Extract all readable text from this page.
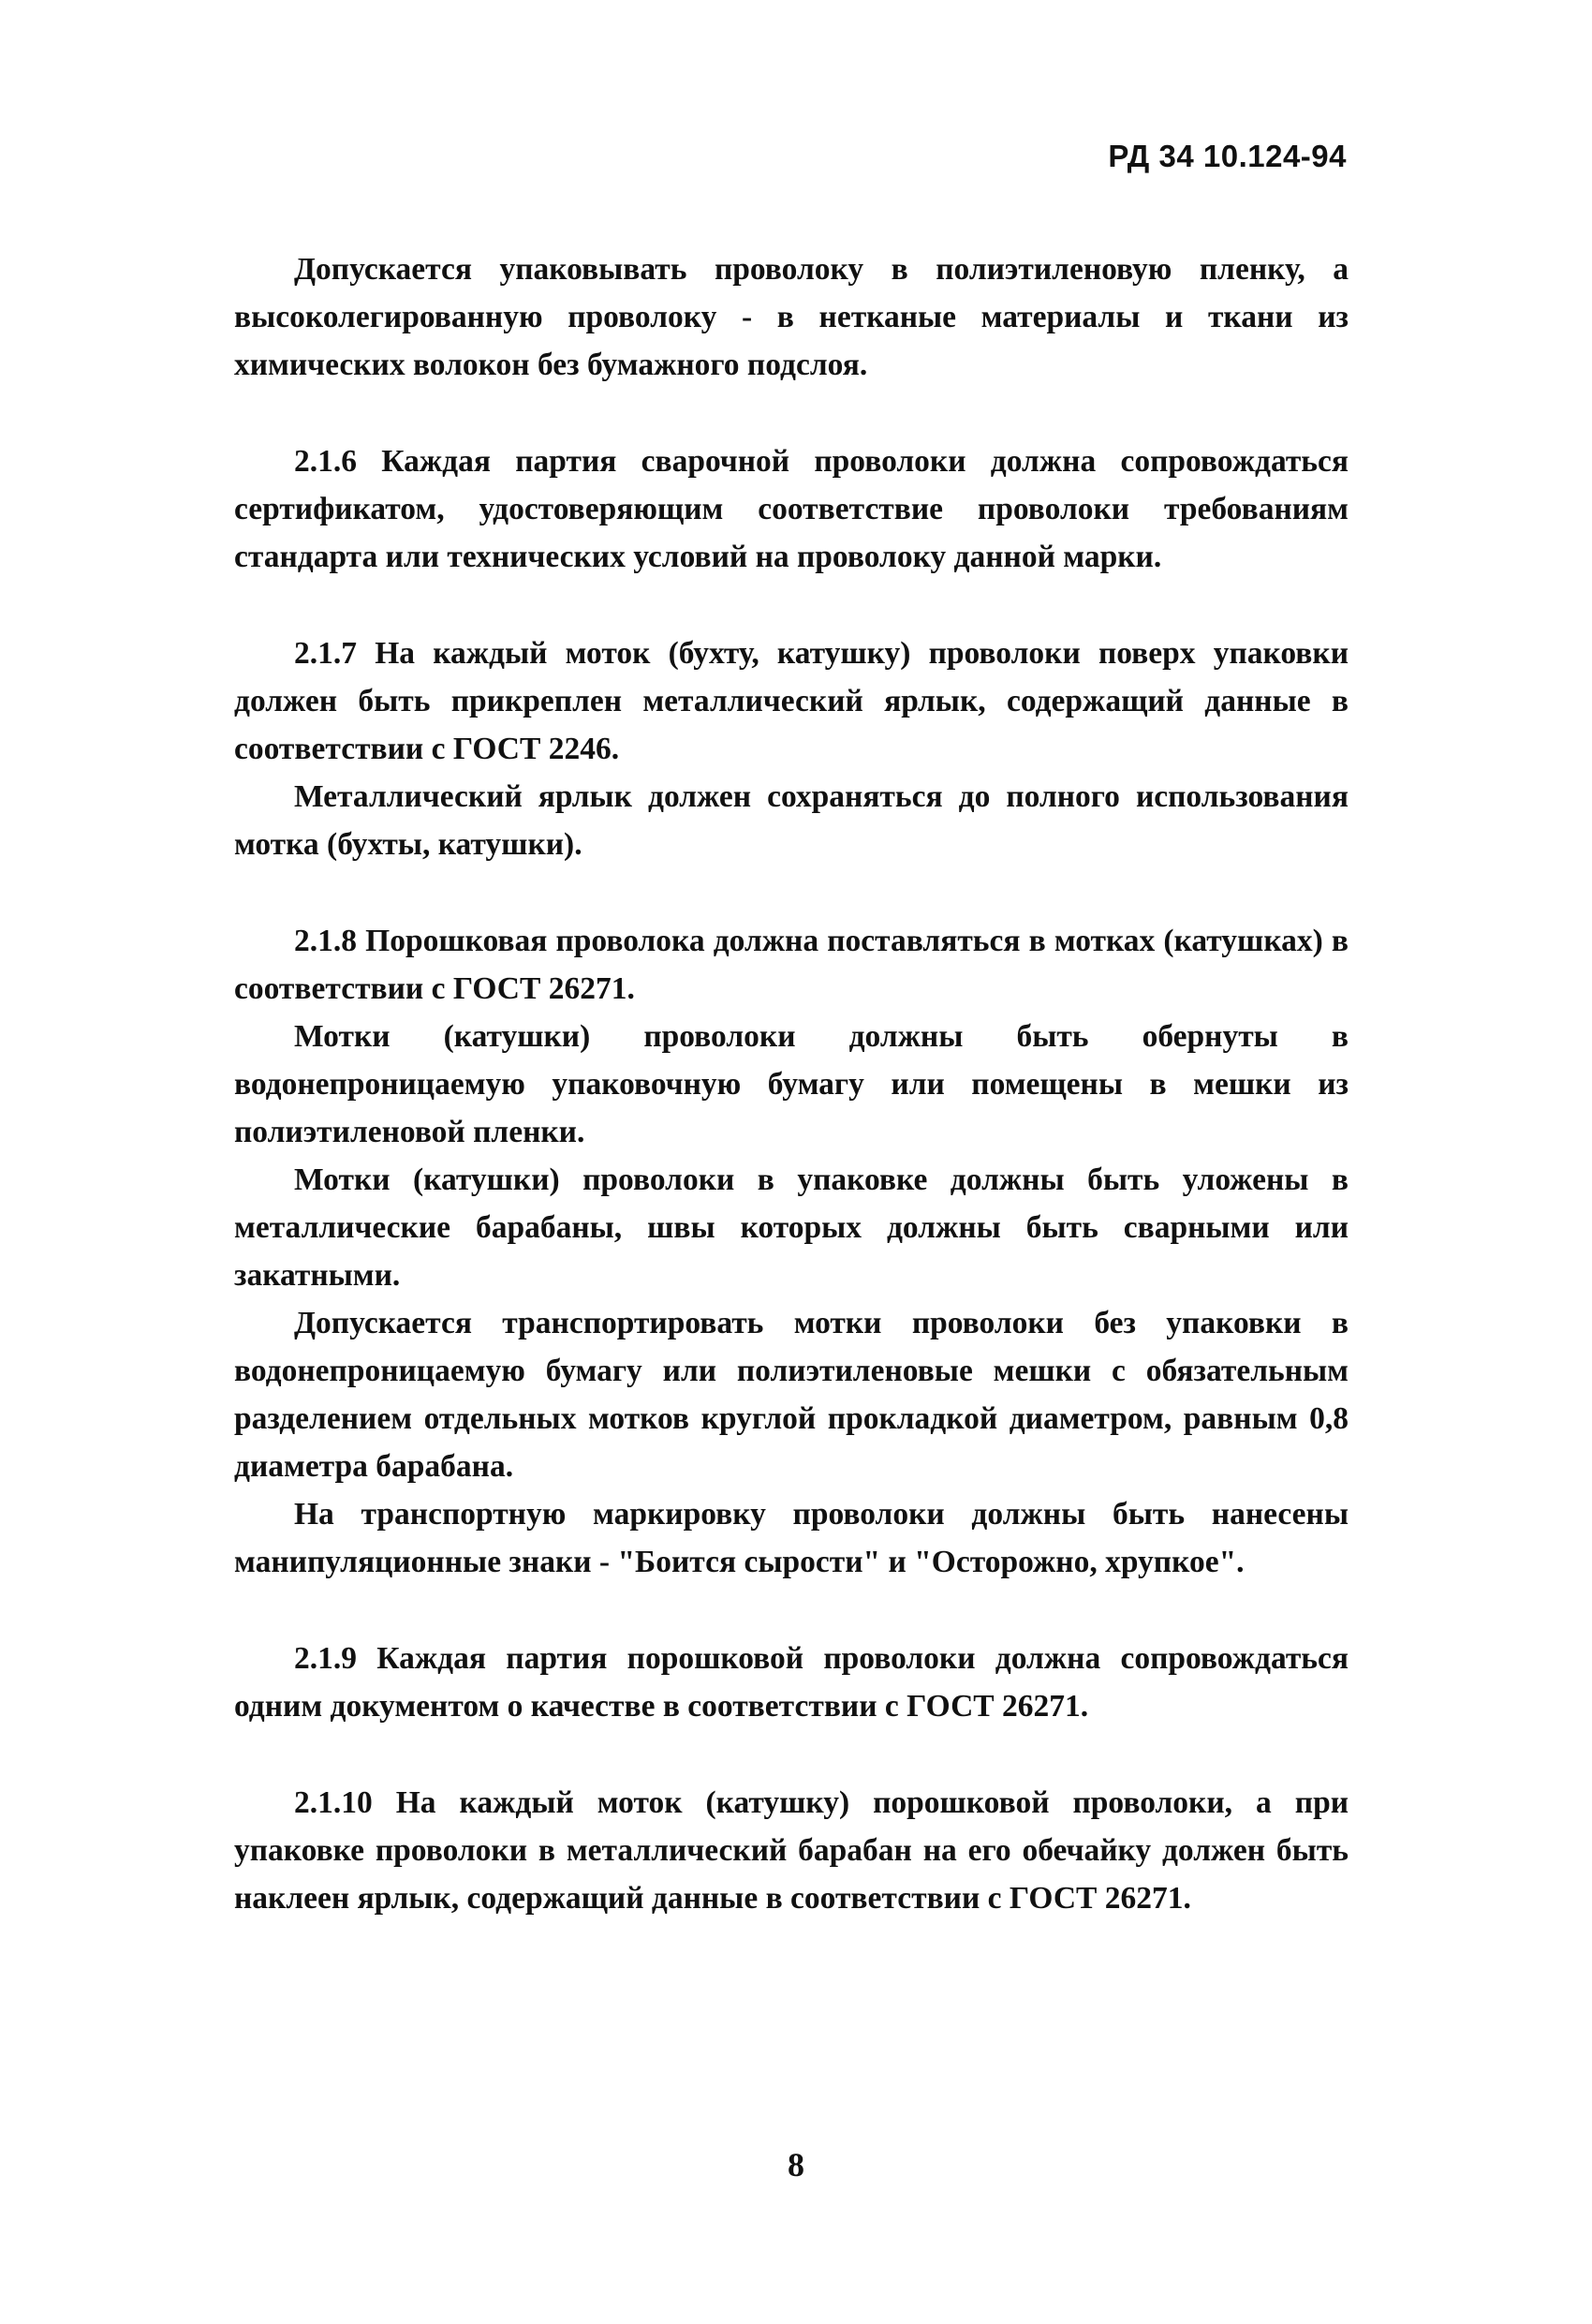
РД 34 10.124-94

Допускается упаковывать проволоку в полиэтиленовую пленку, а высоколегированную проволоку - в нетканые материалы и ткани из химических волокон без бумажного подслоя.

2.1.6 Каждая партия сварочной проволоки должна сопровождаться сертификатом, удостоверяющим соответствие проволоки требованиям стандарта или технических условий на проволоку данной марки.

2.1.7 На каждый моток (бухту, катушку) проволоки поверх упаковки должен быть прикреплен металлический ярлык, содержащий данные в соответствии с ГОСТ 2246.

Металлический ярлык должен сохраняться до полного использования мотка (бухты, катушки).

2.1.8 Порошковая проволока должна поставляться в мотках (катушках) в соответствии с ГОСТ 26271.

Мотки (катушки) проволоки должны быть обернуты в водонепроницаемую упаковочную бумагу или помещены в мешки из полиэтиленовой пленки.

Мотки (катушки) проволоки в упаковке должны быть уложены в металлические барабаны, швы которых должны быть сварными или закатными.

Допускается транспортировать мотки проволоки без упаковки в водонепроницаемую бумагу или полиэтиленовые мешки с обязательным разделением отдельных мотков круглой прокладкой диаметром, равным 0,8 диаметра барабана.

На транспортную маркировку проволоки должны быть нанесены манипуляционные знаки - "Боится сырости" и "Осторожно, хрупкое".

2.1.9 Каждая партия порошковой проволоки должна сопровождаться одним документом о качестве в соответствии с ГОСТ 26271.

2.1.10 На каждый моток (катушку) порошковой проволоки, а при упаковке проволоки в металлический барабан на его обечайку должен быть наклеен ярлык, содержащий данные в соответствии с ГОСТ 26271.

8
